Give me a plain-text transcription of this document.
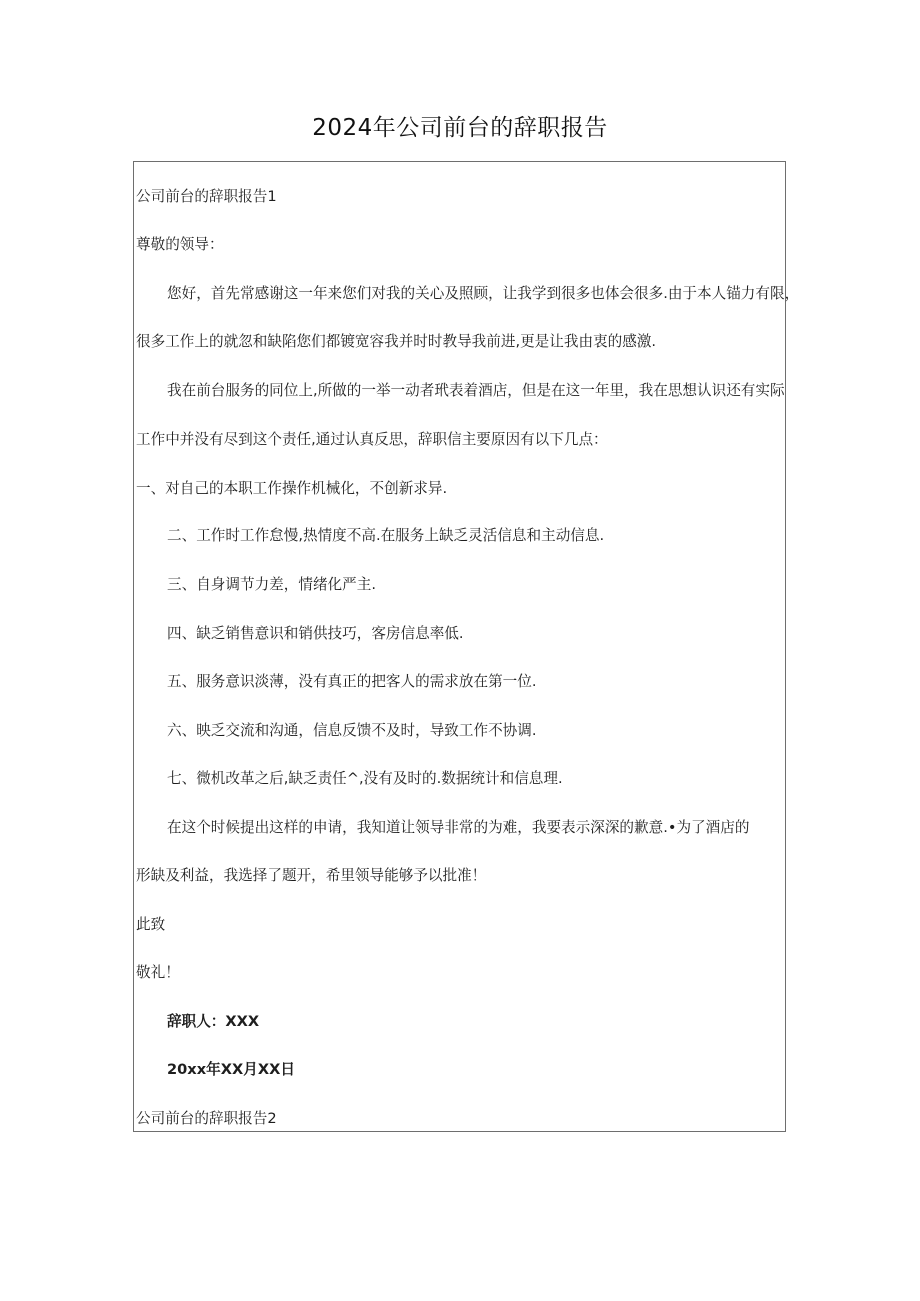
2024年公司前台的辞职报告
公司前台的辞职报告1
尊敬的领导：
您好，首先常感谢这一年来您们对我的关心及照顾，让我学到很多也体会很多.由于本人锚力有限，
很多工作上的就忽和缺陷您们都镀宽容我并时时教导我前进,更是让我由衷的感激.
我在前台服务的同位上,所做的一举一动者玳表着酒店，但是在这一年里，我在思想认识还有实际
工作中并没有尽到这个责任,通过认真反思，辞职信主要原因有以下几点：
一、对自己的本职工作操作机械化，不创新求异.
二、工作时工作怠慢,热情度不高.在服务上缺乏灵活信息和主动信息.
三、自身调节力差，情绪化严主.
四、缺乏销售意识和销供技巧，客房信息率低.
五、服务意识淡薄，没有真正的把客人的需求放在第一位.
六、映乏交流和沟通，信息反馈不及时，导致工作不协调.
七、微机改革之后,缺乏责任^,没有及时的.数据统计和信息理.
在这个时候提出这样的申请，我知道让领导非常的为难，我要表示深深的歉意.•为了酒店的
形缺及利益，我选择了题开，希里领导能够予以批准！
此致
敬礼！
辞职人：XXX
20xx年XX月XX日
公司前台的辞职报告2
